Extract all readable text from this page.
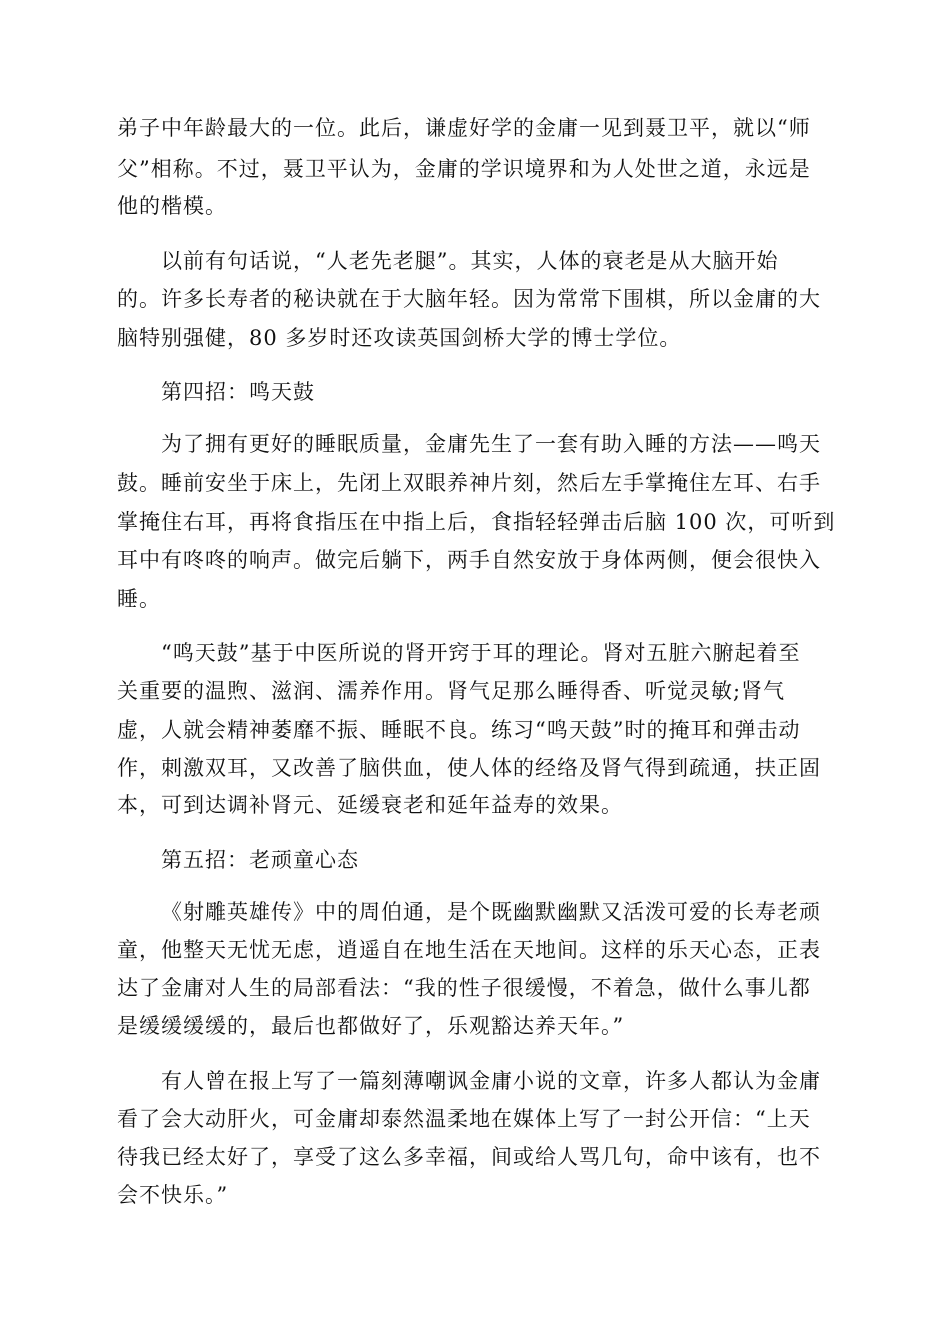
弟子中年龄最大的一位。此后，谦虚好学的金庸一见到聂卫平，就以“师
父”相称。不过，聂卫平认为，金庸的学识境界和为人处世之道，永远是
他的楷模。
以前有句话说，“人老先老腿”。其实，人体的衰老是从大脑开始
的。许多长寿者的秘诀就在于大脑年轻。因为常常下围棋，所以金庸的大
脑特别强健，80 多岁时还攻读英国剑桥大学的博士学位。
第四招：鸣天鼓
为了拥有更好的睡眠质量，金庸先生了一套有助入睡的方法——鸣天
鼓。睡前安坐于床上，先闭上双眼养神片刻，然后左手掌掩住左耳、右手
掌掩住右耳，再将食指压在中指上后，食指轻轻弹击后脑 100 次，可听到
耳中有咚咚的响声。做完后躺下，两手自然安放于身体两侧，便会很快入
睡。
“鸣天鼓”基于中医所说的肾开窍于耳的理论。肾对五脏六腑起着至
关重要的温煦、滋润、濡养作用。肾气足那么睡得香、听觉灵敏;肾气
虚，人就会精神萎靡不振、睡眠不良。练习“鸣天鼓”时的掩耳和弹击动
作，刺激双耳，又改善了脑供血，使人体的经络及肾气得到疏通，扶正固
本，可到达调补肾元、延缓衰老和延年益寿的效果。
第五招：老顽童心态
《射雕英雄传》中的周伯通，是个既幽默幽默又活泼可爱的长寿老顽
童，他整天无忧无虑，逍遥自在地生活在天地间。这样的乐天心态，正表
达了金庸对人生的局部看法：“我的性子很缓慢，不着急，做什么事儿都
是缓缓缓缓的，最后也都做好了，乐观豁达养天年。”
有人曾在报上写了一篇刻薄嘲讽金庸小说的文章，许多人都认为金庸
看了会大动肝火，可金庸却泰然温柔地在媒体上写了一封公开信：“上天
待我已经太好了，享受了这么多幸福，间或给人骂几句，命中该有，也不
会不快乐。”
